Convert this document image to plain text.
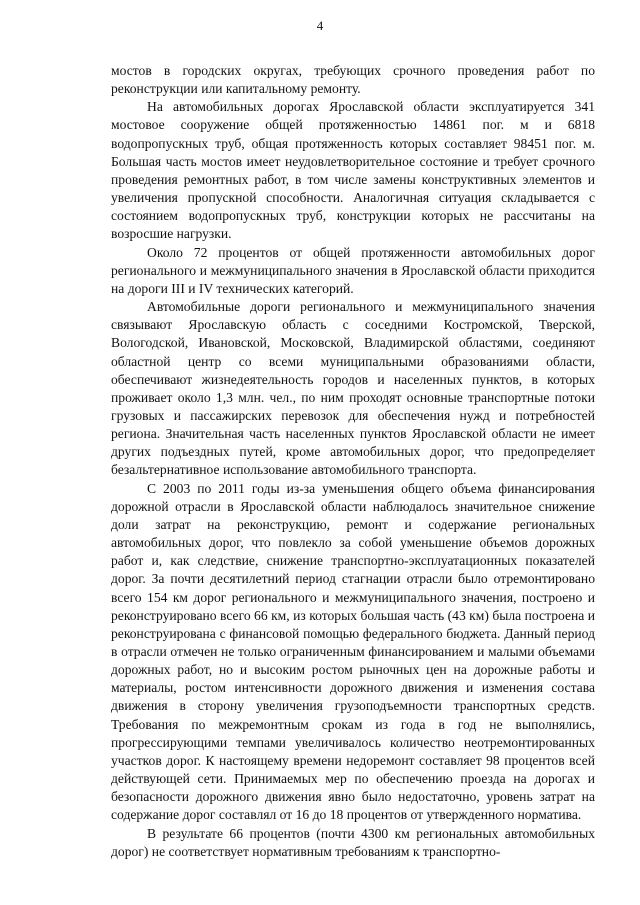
4

мостов в городских округах, требующих срочного проведения работ по реконструкции или капитальному ремонту.

На автомобильных дорогах Ярославской области эксплуатируется 341 мостовое сооружение общей протяженностью 14861 пог. м и 6818 водопропускных труб, общая протяженность которых составляет 98451 пог. м. Большая часть мостов имеет неудовлетворительное состояние и требует срочного проведения ремонтных работ, в том числе замены конструктивных элементов и увеличения пропускной способности. Аналогичная ситуация складывается с состоянием водопропускных труб, конструкции которых не рассчитаны на возросшие нагрузки.

Около 72 процентов от общей протяженности автомобильных дорог регионального и межмуниципального значения в Ярославской области приходится на дороги III и IV технических категорий.

Автомобильные дороги регионального и межмуниципального значения связывают Ярославскую область с соседними Костромской, Тверской, Вологодской, Ивановской, Московской, Владимирской областями, соединяют областной центр со всеми муниципальными образованиями области, обеспечивают жизнедеятельность городов и населенных пунктов, в которых проживает около 1,3 млн. чел., по ним проходят основные транспортные потоки грузовых и пассажирских перевозок для обеспечения нужд и потребностей региона. Значительная часть населенных пунктов Ярославской области не имеет других подъездных путей, кроме автомобильных дорог, что предопределяет безальтернативное использование автомобильного транспорта.

С 2003 по 2011 годы из-за уменьшения общего объема финансирования дорожной отрасли в Ярославской области наблюдалось значительное снижение доли затрат на реконструкцию, ремонт и содержание региональных автомобильных дорог, что повлекло за собой уменьшение объемов дорожных работ и, как следствие, снижение транспортно-эксплуатационных показателей дорог. За почти десятилетний период стагнации отрасли было отремонтировано всего 154 км дорог регионального и межмуниципального значения, построено и реконструировано всего 66 км, из которых большая часть (43 км) была построена и реконструирована с финансовой помощью федерального бюджета. Данный период в отрасли отмечен не только ограниченным финансированием и малыми объемами дорожных работ, но и высоким ростом рыночных цен на дорожные работы и материалы, ростом интенсивности дорожного движения и изменения состава движения в сторону увеличения грузоподъемности транспортных средств. Требования по межремонтным срокам из года в год не выполнялись, прогрессирующими темпами увеличивалось количество неотремонтированных участков дорог. К настоящему времени недоремонт составляет 98 процентов всей действующей сети. Принимаемых мер по обеспечению проезда на дорогах и безопасности дорожного движения явно было недостаточно, уровень затрат на содержание дорог составлял от 16 до 18 процентов от утвержденного норматива.

В результате 66 процентов (почти 4300 км региональных автомобильных дорог) не соответствует нормативным требованиям к транспортно-
